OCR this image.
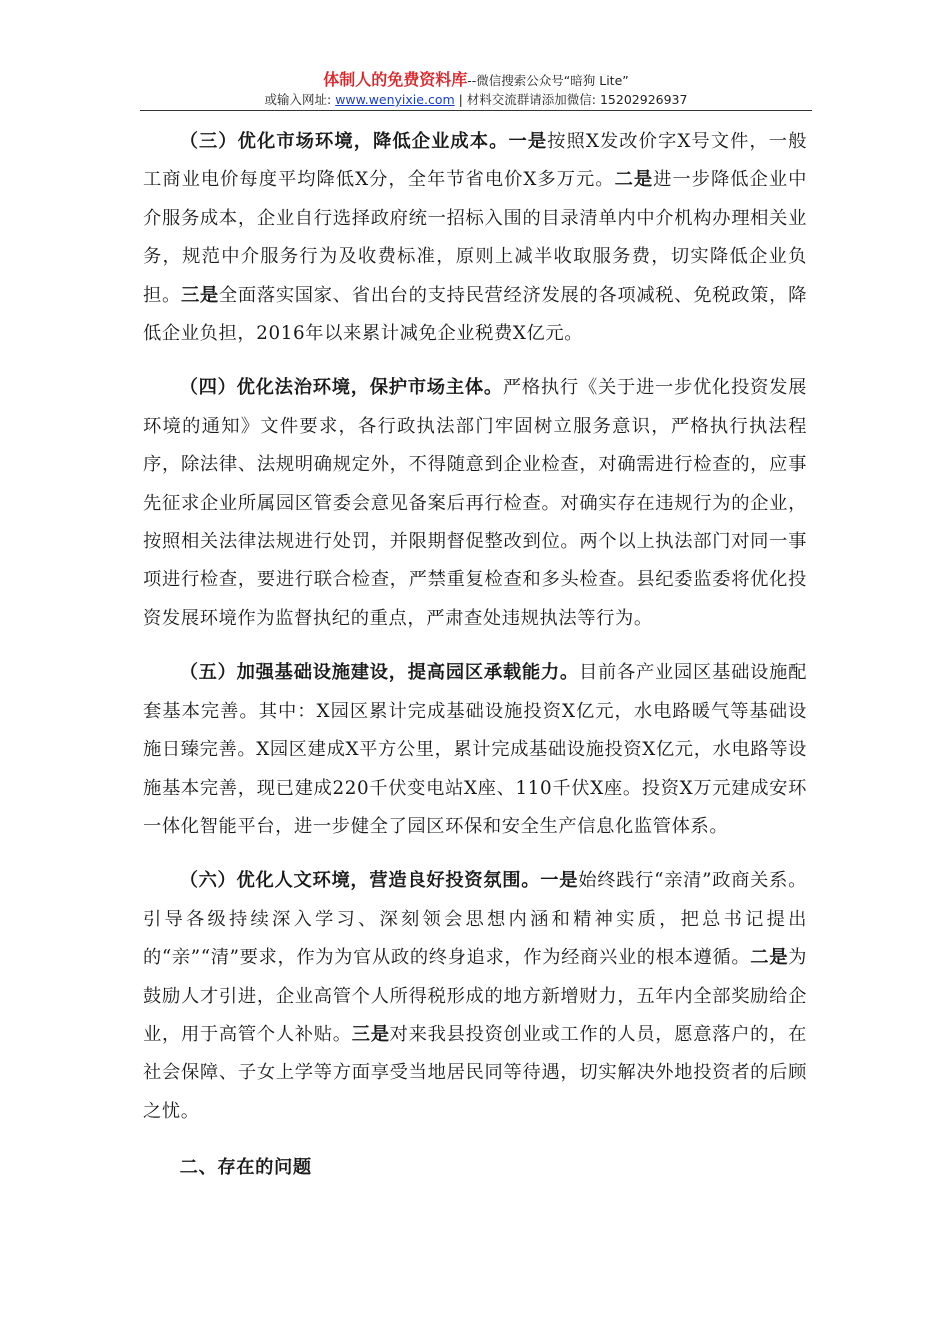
体制人的免费资料库--微信搜索公众号“暗狗 Lite”
或输入网址: www.wenyixie.com | 材料交流群请添加微信: 15202926937

（三）优化市场环境，降低企业成本。一是按照X发改价字X号文件，一般工商业电价每度平均降低X分，全年节省电价X多万元。二是进一步降低企业中介服务成本，企业自行选择政府统一招标入围的目录清单内中介机构办理相关业务，规范中介服务行为及收费标准，原则上减半收取服务费，切实降低企业负担。三是全面落实国家、省出台的支持民营经济发展的各项减税、免税政策，降低企业负担，2016年以来累计减免企业税费X亿元。

（四）优化法治环境，保护市场主体。严格执行《关于进一步优化投资发展环境的通知》文件要求，各行政执法部门牢固树立服务意识，严格执行执法程序，除法律、法规明确规定外，不得随意到企业检查，对确需进行检查的，应事先征求企业所属园区管委会意见备案后再行检查。对确实存在违规行为的企业，按照相关法律法规进行处罚，并限期督促整改到位。两个以上执法部门对同一事项进行检查，要进行联合检查，严禁重复检查和多头检查。县纪委监委将优化投资发展环境作为监督执纪的重点，严肃查处违规执法等行为。

（五）加强基础设施建设，提高园区承载能力。目前各产业园区基础设施配套基本完善。其中：X园区累计完成基础设施投资X亿元，水电路暖气等基础设施日臻完善。X园区建成X平方公里，累计完成基础设施投资X亿元，水电路等设施基本完善，现已建成220千伏变电站X座、110千伏X座。投资X万元建成安环一体化智能平台，进一步健全了园区环保和安全生产信息化监管体系。

（六）优化人文环境，营造良好投资氛围。一是始终践行“亲清”政商关系。引导各级持续深入学习、深刻领会思想内涵和精神实质，把总书记提出的“亲”“清”要求，作为为官从政的终身追求，作为经商兴业的根本遵循。二是为鼓励人才引进，企业高管个人所得税形成的地方新增财力，五年内全部奖励给企业，用于高管个人补贴。三是对来我县投资创业或工作的人员，愿意落户的，在社会保障、子女上学等方面享受当地居民同等待遇，切实解决外地投资者的后顾之忧。

二、存在的问题
